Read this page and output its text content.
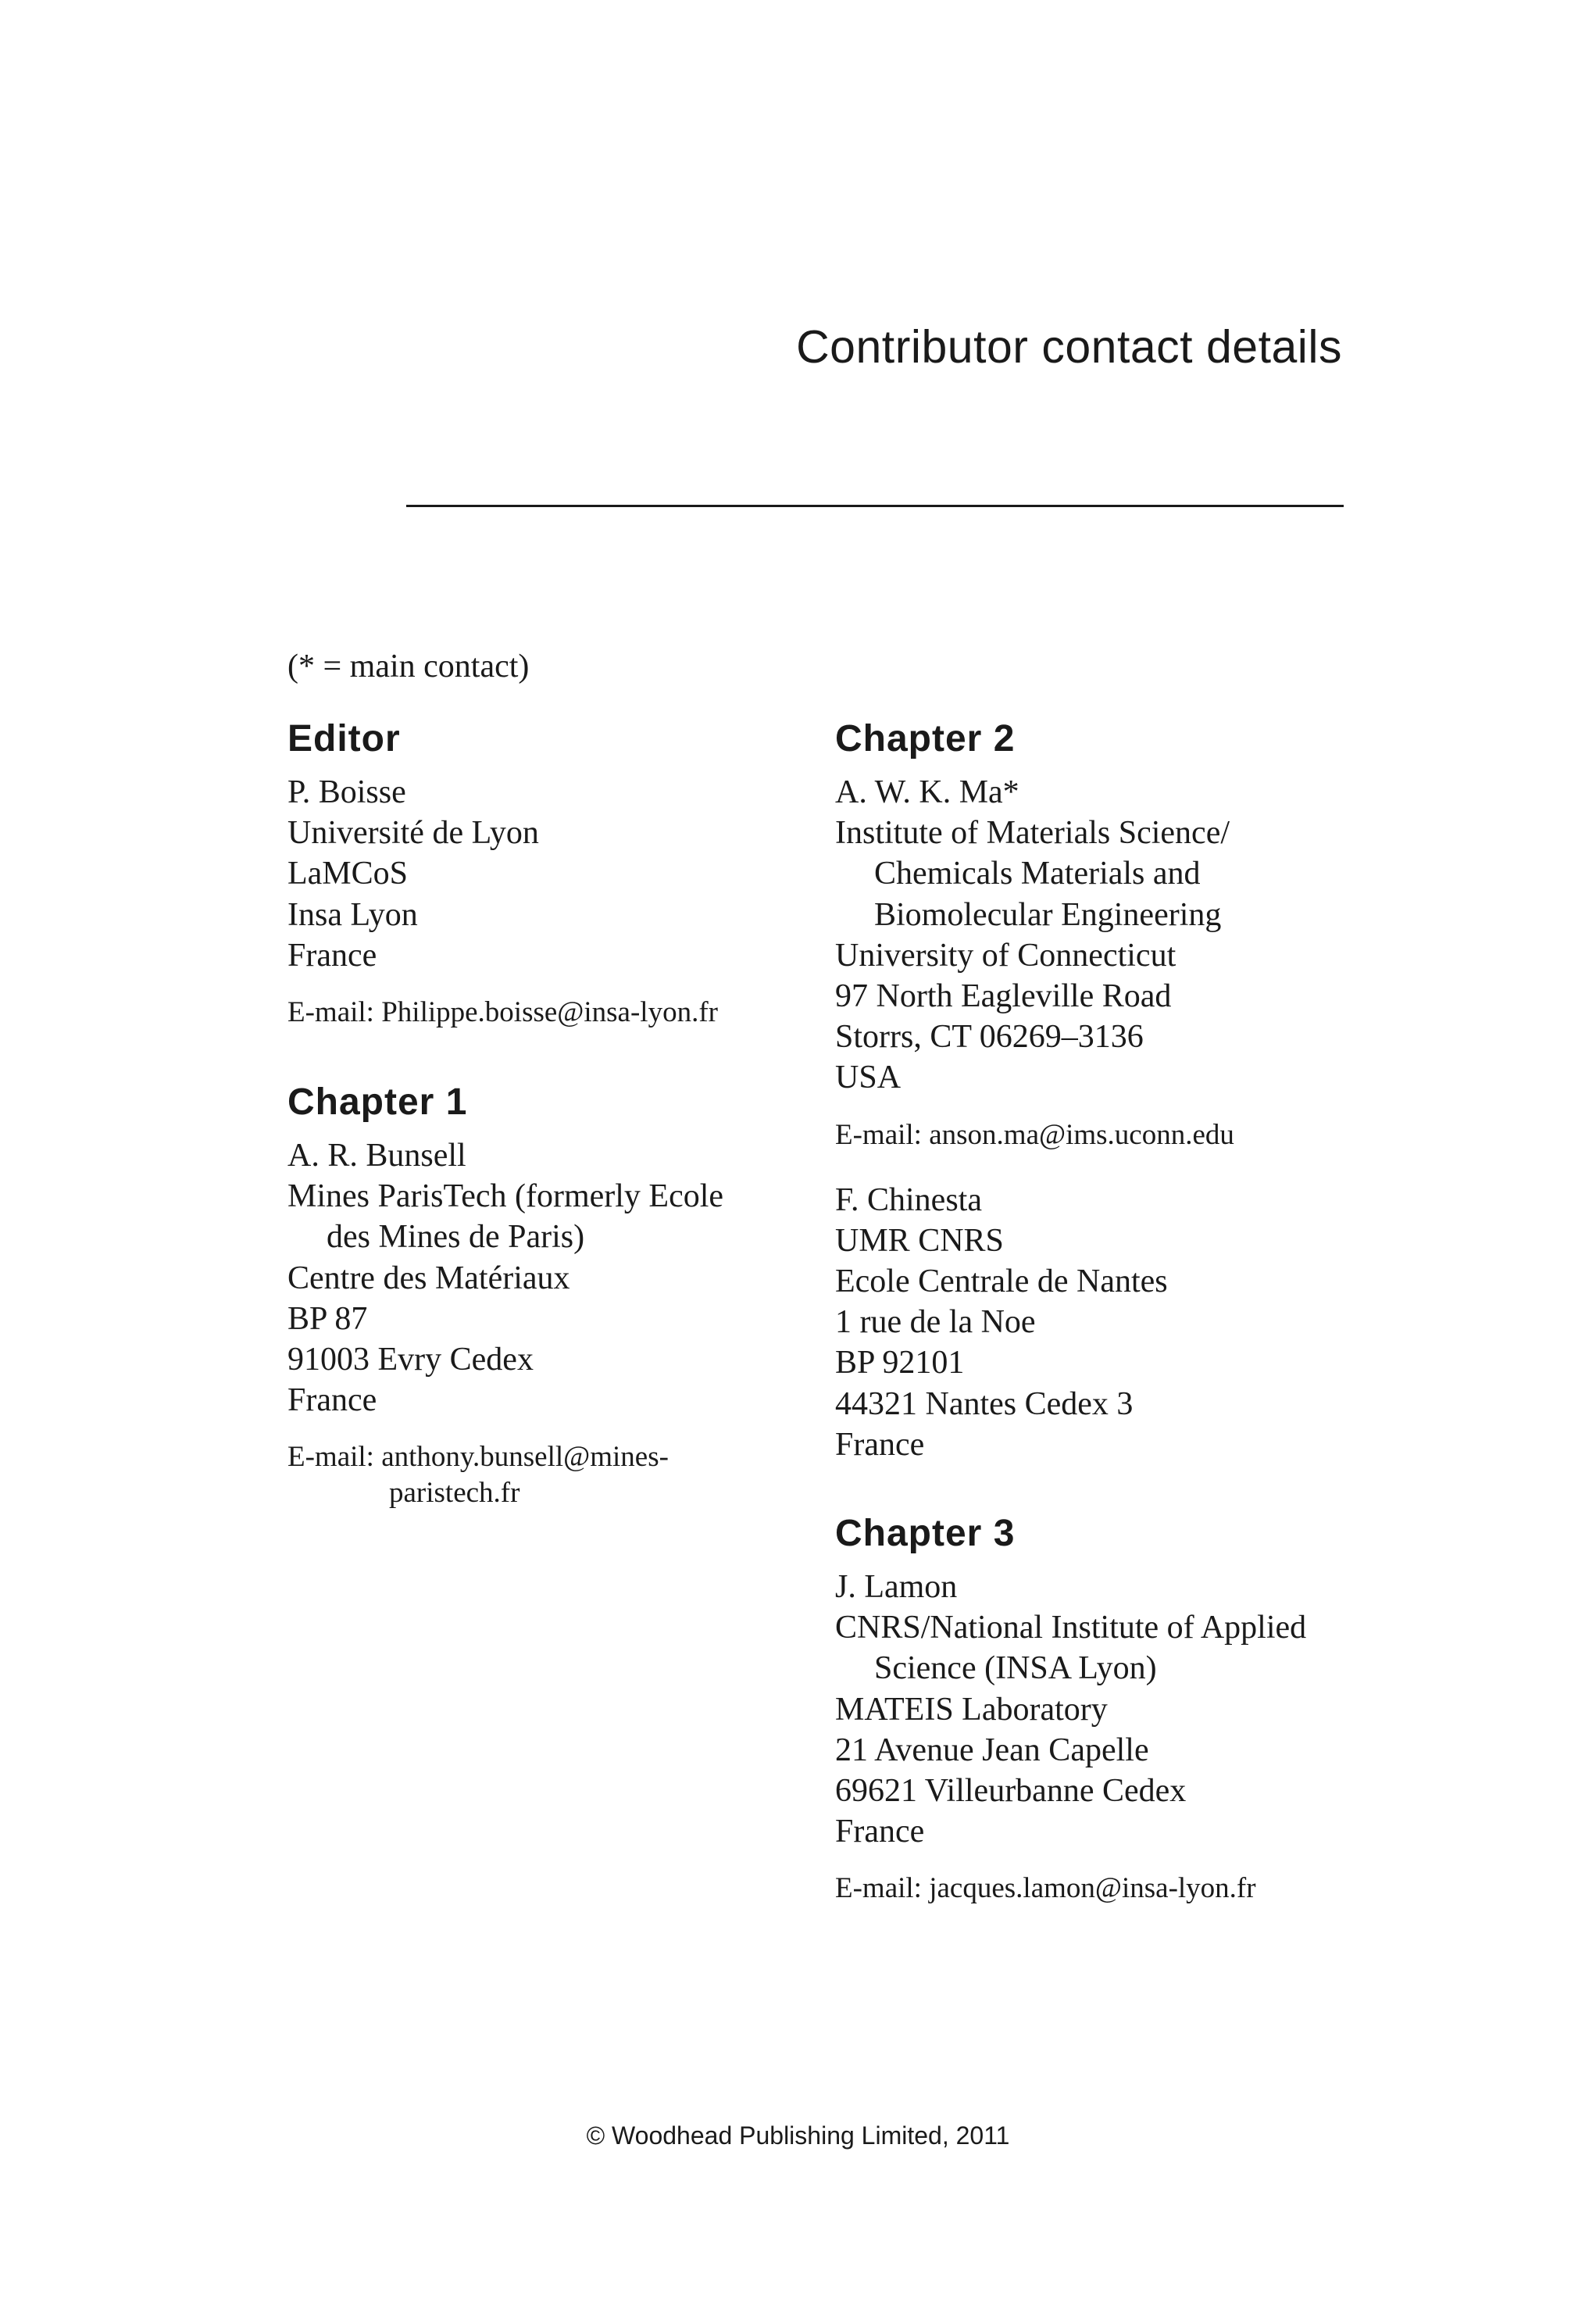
Contributor contact details
(* = main contact)
Editor
P. Boisse
Université de Lyon
LaMCoS
Insa Lyon
France
E-mail: Philippe.boisse@insa-lyon.fr
Chapter 1
A. R. Bunsell
Mines ParisTech (formerly Ecole
des Mines de Paris)
Centre des Matériaux
BP 87
91003 Evry Cedex
France
E-mail: anthony.bunsell@mines-
paristech.fr
Chapter 2
A. W. K. Ma*
Institute of Materials Science/
Chemicals Materials and
Biomolecular Engineering
University of Connecticut
97 North Eagleville Road
Storrs, CT 06269–3136
USA
E-mail: anson.ma@ims.uconn.edu
F. Chinesta
UMR CNRS
Ecole Centrale de Nantes
1 rue de la Noe
BP 92101
44321 Nantes Cedex 3
France
Chapter 3
J. Lamon
CNRS/National Institute of Applied
Science (INSA Lyon)
MATEIS Laboratory
21 Avenue Jean Capelle
69621 Villeurbanne Cedex
France
E-mail: jacques.lamon@insa-lyon.fr
© Woodhead Publishing Limited, 2011
